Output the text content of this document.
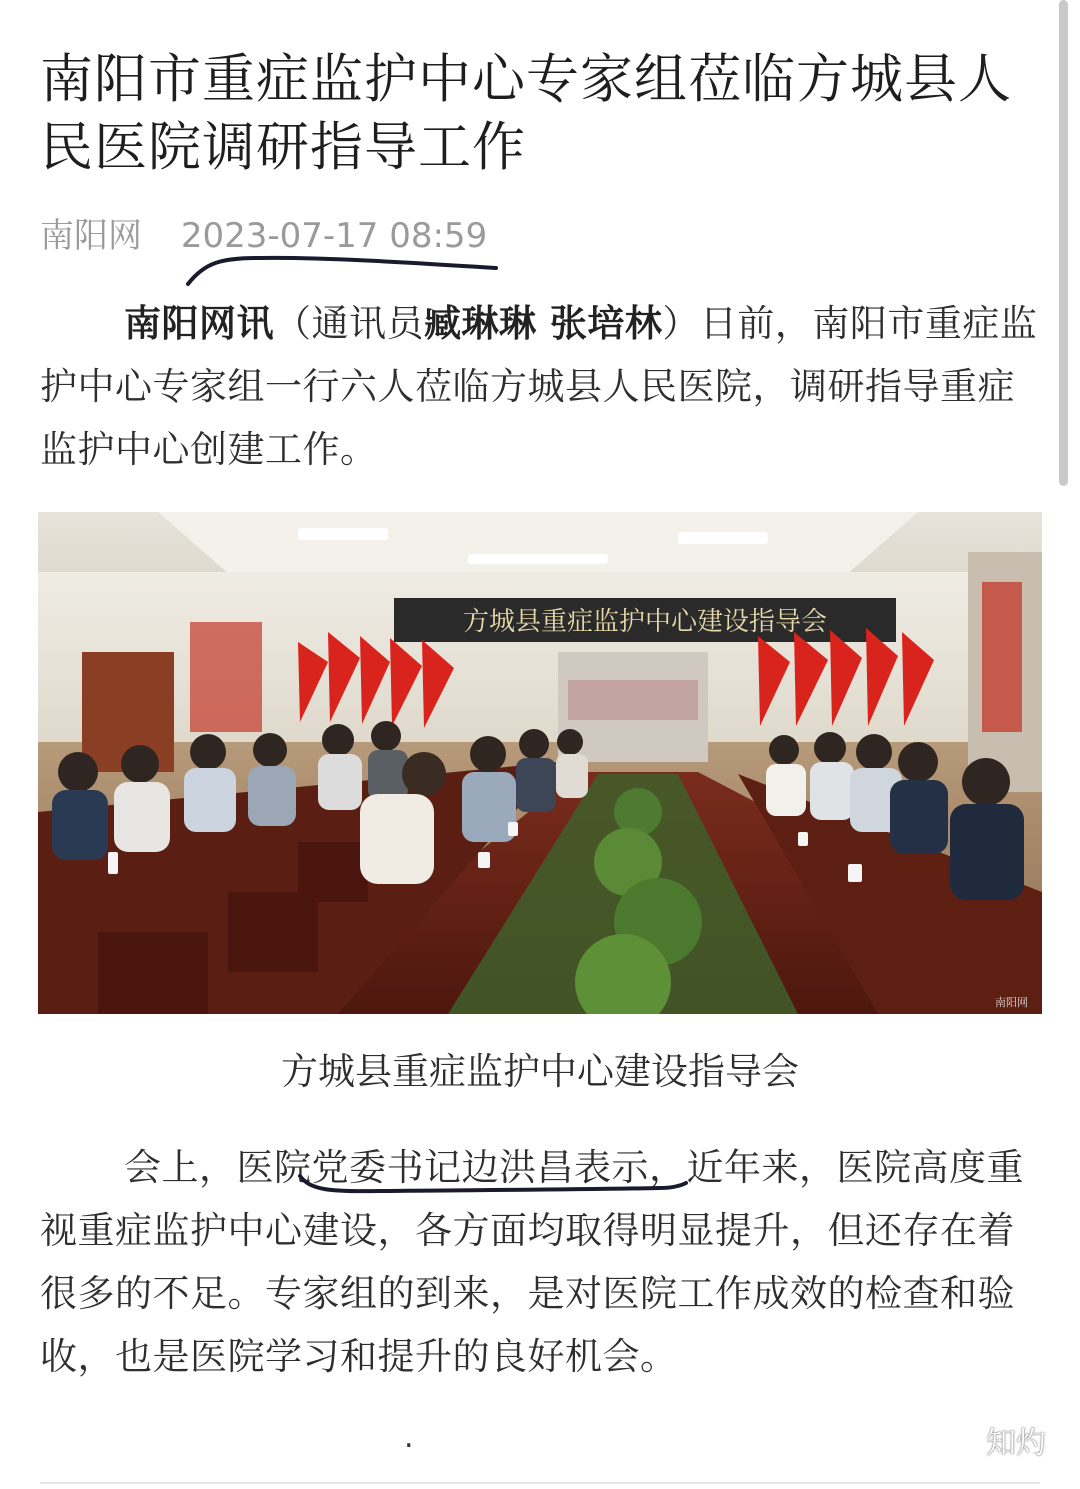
南阳市重症监护中心专家组莅临方城县人民医院调研指导工作
南阳网 2023-07-17 08:59

南阳网讯（通讯员臧琳琳 张培林）日前，南阳市重症监护中心专家组一行六人莅临方城县人民医院，调研指导重症监护中心创建工作。

方城县重症监护中心建设指导会
南阳网
方城县重症监护中心建设指导会

会上，医院党委书记边洪昌表示，近年来，医院高度重视重症监护中心建设，各方面均取得明显提升，但还存在着很多的不足。专家组的到来，是对医院工作成效的检查和验收，也是医院学习和提升的良好机会。

.	知灼
